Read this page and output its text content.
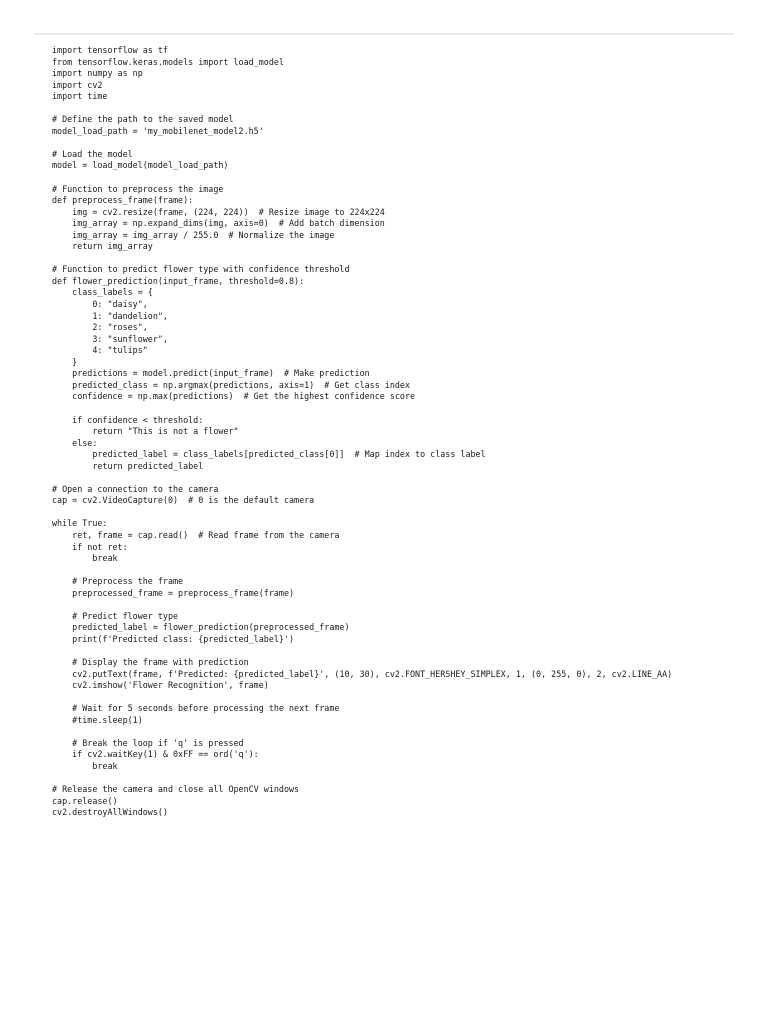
import tensorflow as tf
from tensorflow.keras.models import load_model
import numpy as np
import cv2
import time
# Define the path to the saved model
model_load_path = 'my_mobilenet_model2.h5'
# Load the model
model = load_model(model_load_path)
# Function to preprocess the image
def preprocess_frame(frame):
img = cv2.resize(frame, (224, 224))  # Resize image to 224x224
img_array = np.expand_dims(img, axis=0)  # Add batch dimension
img_array = img_array / 255.0  # Normalize the image
return img_array
# Function to predict flower type with confidence threshold
def flower_prediction(input_frame, threshold=0.8):
class_labels = {
0: "daisy",
1: "dandelion",
2: "roses",
3: "sunflower",
4: "tulips"
}
predictions = model.predict(input_frame)  # Make prediction
predicted_class = np.argmax(predictions, axis=1)  # Get class index
confidence = np.max(predictions)  # Get the highest confidence score
if confidence < threshold:
return "This is not a flower"
else:
predicted_label = class_labels[predicted_class[0]]  # Map index to class label
return predicted_label
# Open a connection to the camera
cap = cv2.VideoCapture(0)  # 0 is the default camera
while True:
ret, frame = cap.read()  # Read frame from the camera
if not ret:
break
# Preprocess the frame
preprocessed_frame = preprocess_frame(frame)
# Predict flower type
predicted_label = flower_prediction(preprocessed_frame)
print(f'Predicted class: {predicted_label}')
# Display the frame with prediction
cv2.putText(frame, f'Predicted: {predicted_label}', (10, 30), cv2.FONT_HERSHEY_SIMPLEX, 1, (0, 255, 0), 2, cv2.LINE_AA)
cv2.imshow('Flower Recognition', frame)
# Wait for 5 seconds before processing the next frame
#time.sleep(1)
# Break the loop if 'q' is pressed
if cv2.waitKey(1) & 0xFF == ord('q'):
break
# Release the camera and close all OpenCV windows
cap.release()
cv2.destroyAllWindows()
